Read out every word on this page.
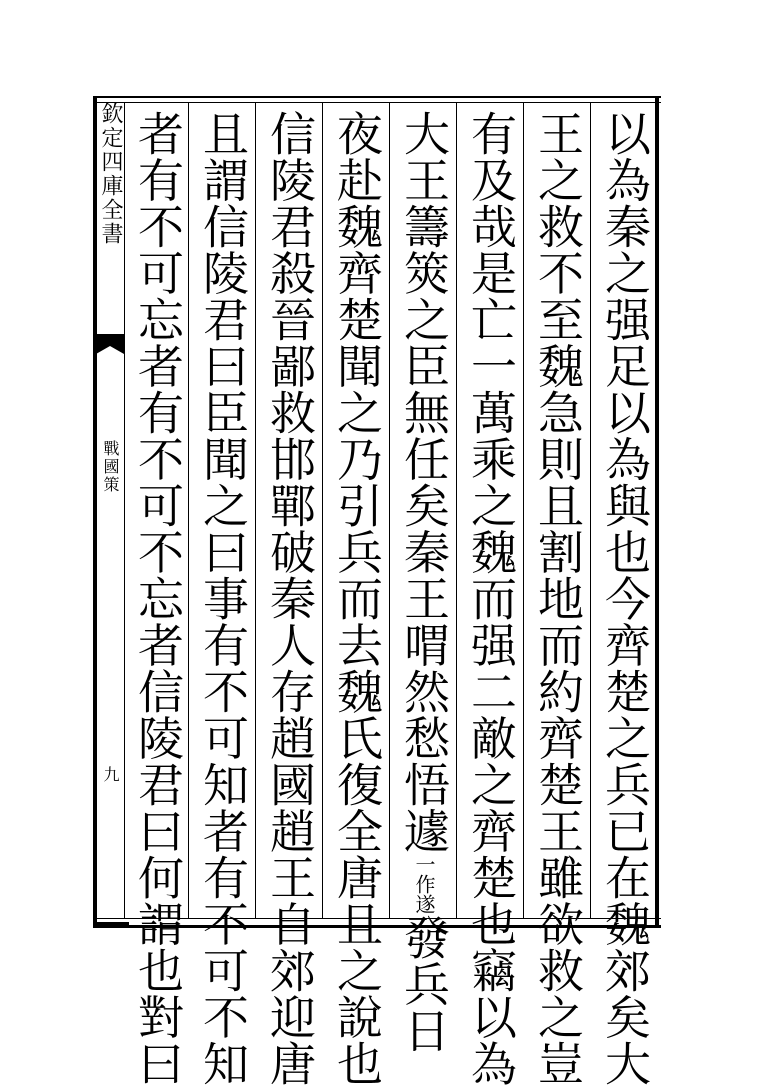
以為秦之强足以為與也今齊楚之兵已在魏郊矣大
王之救不至魏急則且割地而約齊楚王雖欲救之豈
有及哉是亡一萬乘之魏而强二敵之齊楚也竊以為
大王籌筴之臣無任矣秦王喟然愁悟遽一作遂發兵日
夜赴魏齊楚聞之乃引兵而去魏氏復全唐且之說也
信陵君殺晉鄙救邯鄲破秦人存趙國趙王自郊迎唐
且謂信陵君曰臣聞之曰事有不可知者有不可不知
者有不可忘者有不可不忘者信陵君曰何謂也對曰
欽定四庫全書
戰國策
九
